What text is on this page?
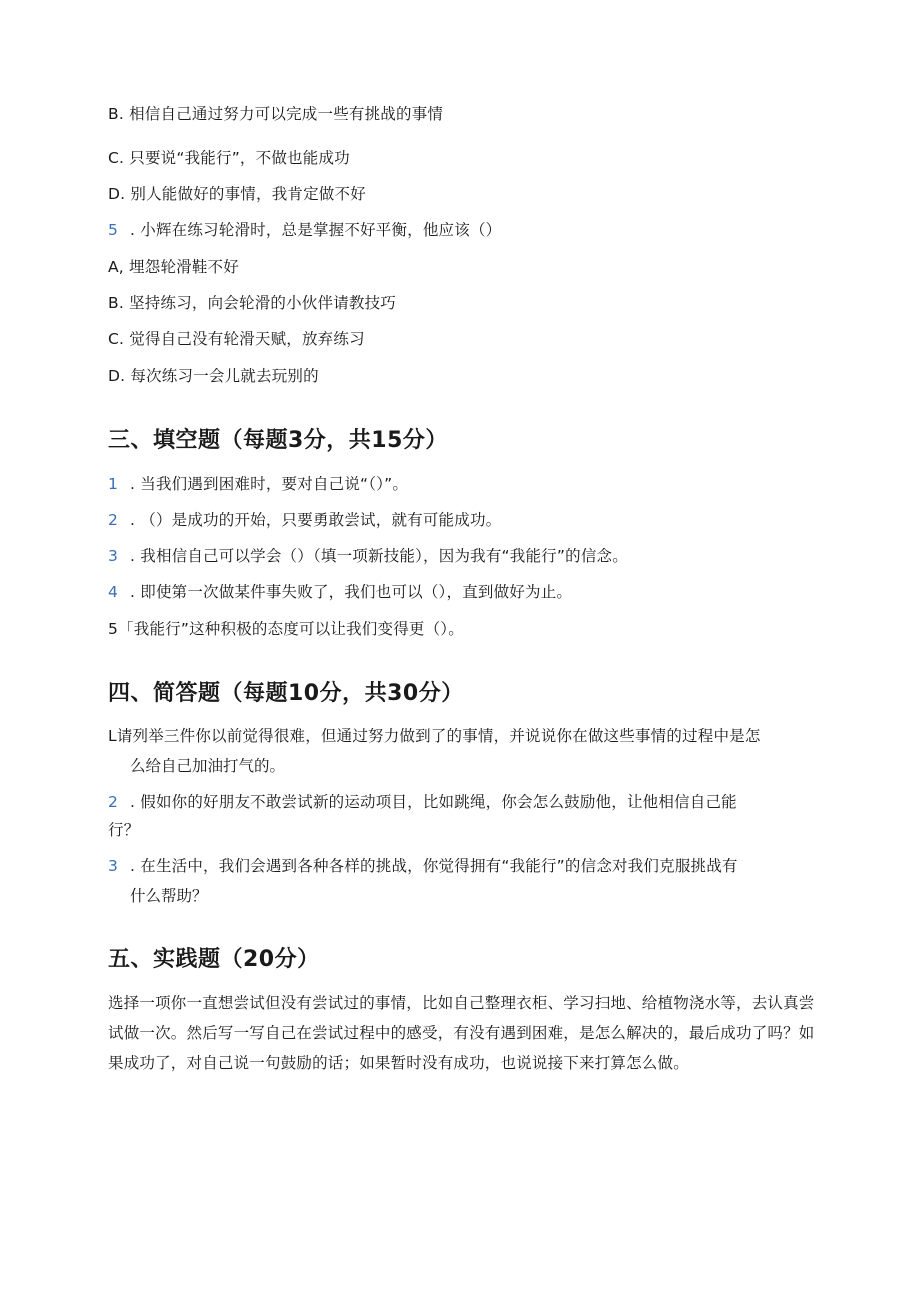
B. 相信自己通过努力可以完成一些有挑战的事情
C. 只要说“我能行”，不做也能成功
D. 别人能做好的事情，我肯定做不好
5 . 小辉在练习轮滑时，总是掌握不好平衡，他应该（）
A, 埋怨轮滑鞋不好
B. 坚持练习，向会轮滑的小伙伴请教技巧
C. 觉得自己没有轮滑天赋，放弃练习
D. 每次练习一会儿就去玩别的
三、填空题（每题3分，共15分）
1 . 当我们遇到困难时，要对自己说“（）”。
2 . （）是成功的开始，只要勇敢尝试，就有可能成功。
3 . 我相信自己可以学会（）（填一项新技能），因为我有“我能行”的信念。
4 . 即使第一次做某件事失败了，我们也可以（），直到做好为止。
5「我能行”这种积极的态度可以让我们变得更（）。
四、简答题（每题10分，共30分）
L请列举三件你以前觉得很难，但通过努力做到了的事情，并说说你在做这些事情的过程中是怎
么给自己加油打气的。
2 . 假如你的好朋友不敢尝试新的运动项目，比如跳绳，你会怎么鼓励他，让他相信自己能
行？
3 . 在生活中，我们会遇到各种各样的挑战，你觉得拥有“我能行”的信念对我们克服挑战有
什么帮助？
五、实践题（20分）
选择一项你一直想尝试但没有尝试过的事情，比如自己整理衣柜、学习扫地、给植物浇水等，去认真尝试做一次。然后写一写自己在尝试过程中的感受，有没有遇到困难，是怎么解决的，最后成功了吗？如果成功了，对自己说一句鼓励的话；如果暂时没有成功，也说说接下来打算怎么做。
